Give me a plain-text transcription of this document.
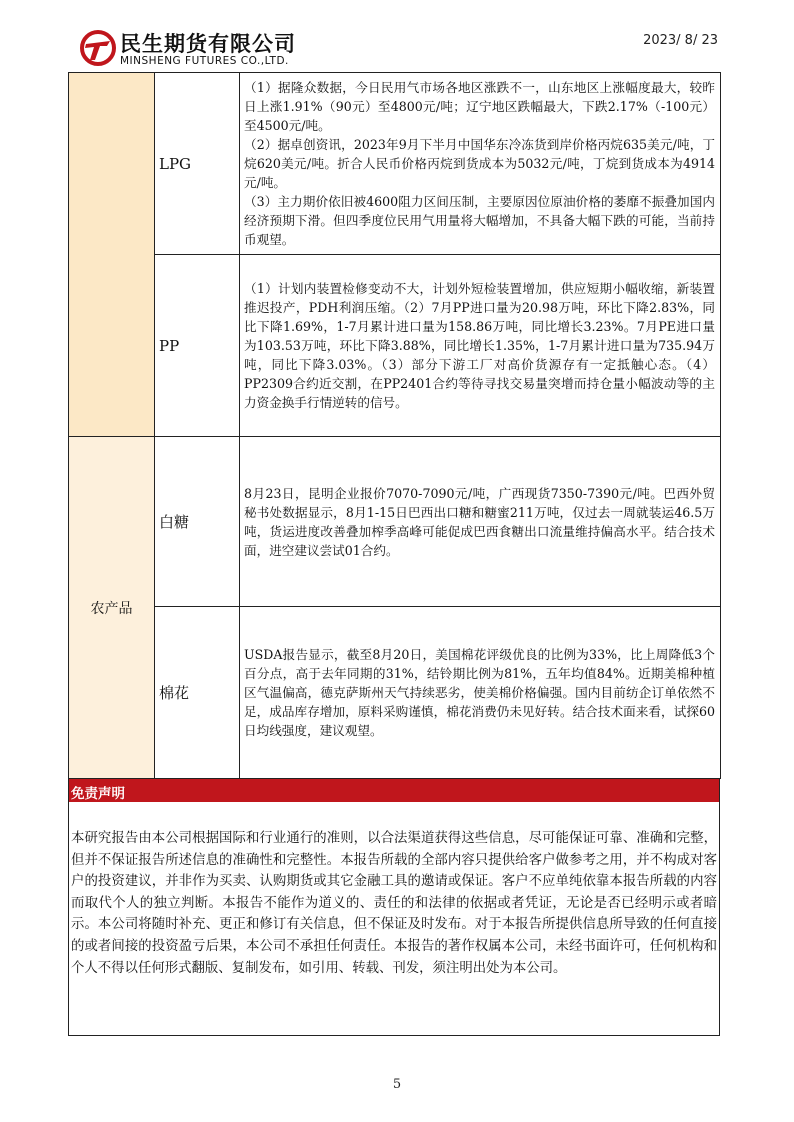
民生期货有限公司
MINSHENG FUTURES CO.,LTD.
2023/ 8/ 23
	LPG	（1）据隆众数据，今日民用气市场各地区涨跌不一，山东地区上涨幅度最大，较昨日上涨1.91%（90元）至4800元/吨；辽宁地区跌幅最大，下跌2.17%（-100元）至4500元/吨。
（2）据卓创资讯，2023年9月下半月中国华东冷冻货到岸价格丙烷635美元/吨，丁烷620美元/吨。折合人民币价格丙烷到货成本为5032元/吨，丁烷到货成本为4914元/吨。
（3）主力期价依旧被4600阻力区间压制，主要原因位原油价格的萎靡不振叠加国内经济预期下滑。但四季度位民用气用量将大幅增加，不具备大幅下跌的可能，当前持币观望。

	PP	（1）计划内装置检修变动不大，计划外短检装置增加，供应短期小幅收缩，新装置推迟投产，PDH利润压缩。（2）7月PP进口量为20.98万吨，环比下降2.83%，同比下降1.69%，1-7月累计进口量为158.86万吨，同比增长3.23%。7月PE进口量为103.53万吨，环比下降3.88%，同比增长1.35%，1-7月累计进口量为735.94万吨，同比下降3.03%。（3）部分下游工厂对高价货源存有一定抵触心态。（4）PP2309合约近交割，在PP2401合约等待寻找交易量突增而持仓量小幅波动等的主力资金换手行情逆转的信号。
农产品	白糖	8月23日，昆明企业报价7070-7090元/吨，广西现货7350-7390元/吨。巴西外贸秘书处数据显示，8月1-15日巴西出口糖和糖蜜211万吨，仅过去一周就装运46.5万吨，货运进度改善叠加榨季高峰可能促成巴西食糖出口流量维持偏高水平。结合技术面，进空建议尝试01合约。
	棉花	USDA报告显示，截至8月20日，美国棉花评级优良的比例为33%，比上周降低3个百分点，高于去年同期的31%，结铃期比例为81%，五年均值84%。近期美棉种植区气温偏高，德克萨斯州天气持续恶劣，使美棉价格偏强。国内目前纺企订单依然不足，成品库存增加，原料采购谨慎，棉花消费仍未见好转。结合技术面来看，试探60日均线强度，建议观望。
免责声明
本研究报告由本公司根据国际和行业通行的准则，以合法渠道获得这些信息，尽可能保证可靠、准确和完整，但并不保证报告所述信息的准确性和完整性。本报告所载的全部内容只提供给客户做参考之用，并不构成对客户的投资建议，并非作为买卖、认购期货或其它金融工具的邀请或保证。客户不应单纯依靠本报告所载的内容而取代个人的独立判断。本报告不能作为道义的、责任的和法律的依据或者凭证，无论是否已经明示或者暗示。本公司将随时补充、更正和修订有关信息，但不保证及时发布。对于本报告所提供信息所导致的任何直接的或者间接的投资盈亏后果，本公司不承担任何责任。本报告的著作权属本公司，未经书面许可，任何机构和个人不得以任何形式翻版、复制发布，如引用、转载、刊发，须注明出处为本公司。
5
